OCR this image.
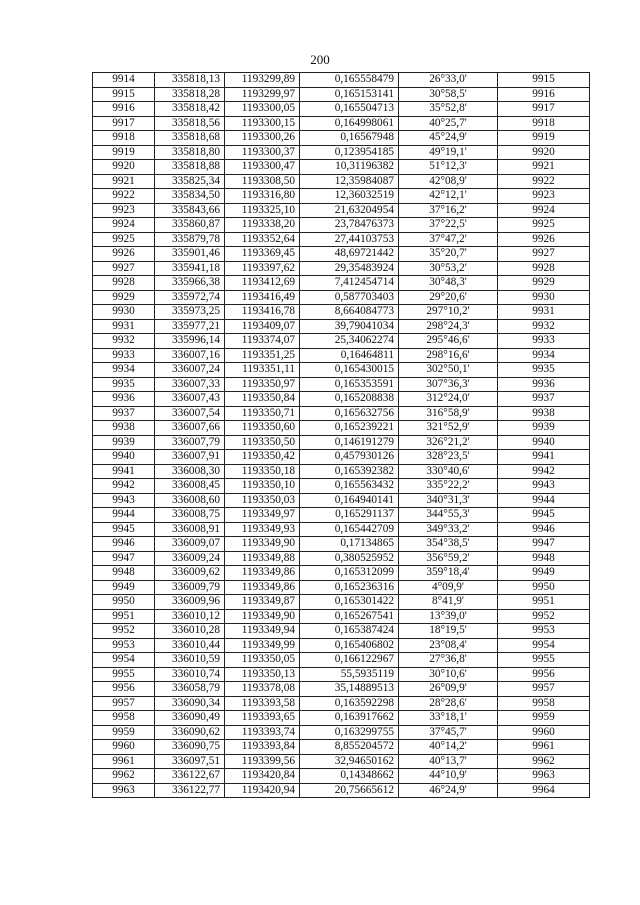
200
9914	335818,13	1193299,89	0,165558479	26°33,0'	9915
9915	335818,28	1193299,97	0,165153141	30°58,5'	9916
9916	335818,42	1193300,05	0,165504713	35°52,8'	9917
9917	335818,56	1193300,15	0,164998061	40°25,7'	9918
9918	335818,68	1193300,26	0,16567948	45°24,9'	9919
9919	335818,80	1193300,37	0,123954185	49°19,1'	9920
9920	335818,88	1193300,47	10,31196382	51°12,3'	9921
9921	335825,34	1193308,50	12,35984087	42°08,9'	9922
9922	335834,50	1193316,80	12,36032519	42°12,1'	9923
9923	335843,66	1193325,10	21,63204954	37°16,2'	9924
9924	335860,87	1193338,20	23,78476373	37°22,5'	9925
9925	335879,78	1193352,64	27,44103753	37°47,2'	9926
9926	335901,46	1193369,45	48,69721442	35°20,7'	9927
9927	335941,18	1193397,62	29,35483924	30°53,2'	9928
9928	335966,38	1193412,69	7,412454714	30°48,3'	9929
9929	335972,74	1193416,49	0,587703403	29°20,6'	9930
9930	335973,25	1193416,78	8,664084773	297°10,2'	9931
9931	335977,21	1193409,07	39,79041034	298°24,3'	9932
9932	335996,14	1193374,07	25,34062274	295°46,6'	9933
9933	336007,16	1193351,25	0,16464811	298°16,6'	9934
9934	336007,24	1193351,11	0,165430015	302°50,1'	9935
9935	336007,33	1193350,97	0,165353591	307°36,3'	9936
9936	336007,43	1193350,84	0,165208838	312°24,0'	9937
9937	336007,54	1193350,71	0,165632756	316°58,9'	9938
9938	336007,66	1193350,60	0,165239221	321°52,9'	9939
9939	336007,79	1193350,50	0,146191279	326°21,2'	9940
9940	336007,91	1193350,42	0,457930126	328°23,5'	9941
9941	336008,30	1193350,18	0,165392382	330°40,6'	9942
9942	336008,45	1193350,10	0,165563432	335°22,2'	9943
9943	336008,60	1193350,03	0,164940141	340°31,3'	9944
9944	336008,75	1193349,97	0,165291137	344°55,3'	9945
9945	336008,91	1193349,93	0,165442709	349°33,2'	9946
9946	336009,07	1193349,90	0,17134865	354°38,5'	9947
9947	336009,24	1193349,88	0,380525952	356°59,2'	9948
9948	336009,62	1193349,86	0,165312099	359°18,4'	9949
9949	336009,79	1193349,86	0,165236316	4°09,9'	9950
9950	336009,96	1193349,87	0,165301422	8°41,9'	9951
9951	336010,12	1193349,90	0,165267541	13°39,0'	9952
9952	336010,28	1193349,94	0,165387424	18°19,5'	9953
9953	336010,44	1193349,99	0,165406802	23°08,4'	9954
9954	336010,59	1193350,05	0,166122967	27°36,8'	9955
9955	336010,74	1193350,13	55,5935119	30°10,6'	9956
9956	336058,79	1193378,08	35,14889513	26°09,9'	9957
9957	336090,34	1193393,58	0,163592298	28°28,6'	9958
9958	336090,49	1193393,65	0,163917662	33°18,1'	9959
9959	336090,62	1193393,74	0,163299755	37°45,7'	9960
9960	336090,75	1193393,84	8,855204572	40°14,2'	9961
9961	336097,51	1193399,56	32,94650162	40°13,7'	9962
9962	336122,67	1193420,84	0,14348662	44°10,9'	9963
9963	336122,77	1193420,94	20,75665612	46°24,9'	9964
